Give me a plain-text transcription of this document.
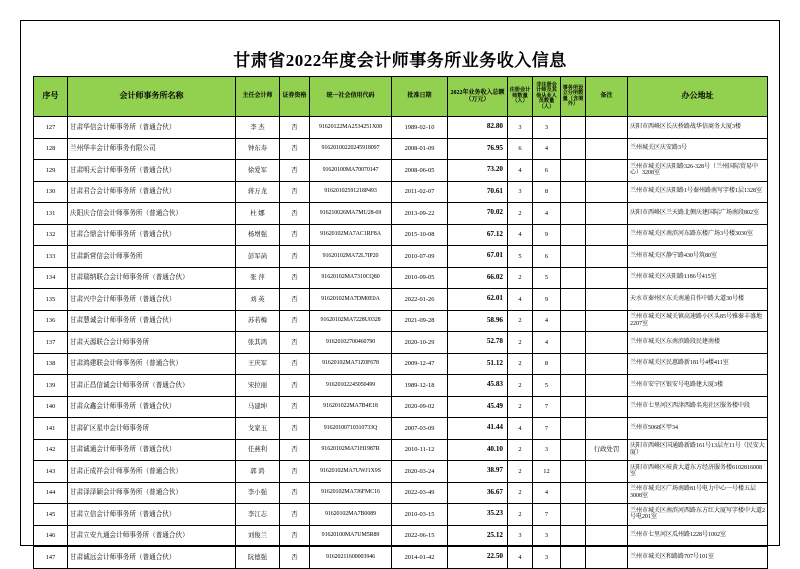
甘肃省2022年度会计师事务所业务收入信息
序号	会计师事务所名称	主任会计师	证券资格	统一社会信用代码	批准日期	2022年业务收入总额（万元）	注册会计师数量（人）	非注册会计师及其他从业人员数量（人）	事务所设立分所数量（含境外）	备注	办公地址
127	甘肃华信会计师事务所（普通合伙）	李 杰	否	91620122MA2534251X08	1989-02-10	82.80	3	3			庆阳市西峰区长庆桥路战华信商务大厦3楼
128	兰州华丰会计师事务有限公司	钟东寿	否	91620100220245918097	2008-01-09	76.95	6	4			兰州城关区庆安路3号
129	甘肃明天会计师事务所（普通合伙）	徐爱军	否	91620100MA70070147	2008-06-05	73.20	4	6			兰州市城关区庆阳路326-328号（兰州国际贸易中心）3208室
130	甘肃君合会计师事务所（普通合伙）	蒋万龙	否	91620102591218P493	2011-02-07	70.61	3	8			兰州市城关区庆阳路1号秦州路南写字楼1层1328室
131	庆阳庆合信会计师事务所（普通合伙）	杜 娜	否	916210026MA7MU28-69	2013-09-22	70.02	2	4			庆阳市西峰区兰天路北侧庆建国际广场南段802室
132	甘肃合鼎会计师事务所（普通合伙）	杨增强	否	91620102MA7AC1RF8A	2015-10-08	67.12	4	9			兰州市城关区南滨河东路东楼广场3号楼3030室
133	甘肃新营信会计师事务所	彭军菡	否	91620102MA72L7IP20	2010-07-09	67.01	5	6			兰州市城关区静宁路430号筑80室
134	甘肃瑞纳联合会计师事务所（普通合伙）	张 萍	否	91620102MA7310CQ80	2010-09-05	66.02	2	5			兰州市城关区庆阳路1186号415室
135	甘肃兴中会计师事务所（普通合伙）	刘 英	否	91620102MA7DM0E0A	2022-01-26	62.01	4	9			天水市秦州区东关南通自作中路大道30号楼
136	甘肃慧诚会计师事务所（普通合伙）	苏若梅	否	91620102MA7228U0328	2021-09-28	58.96	2	4			兰州市城关区城关镇高速路小区头85号雅秦丰盛地2207室
137	甘肃天源联合会计师事务所	张其鸿	否	91620102700460790	2020-10-29	52.78	2	4			兰州市城关区东南滨路段民建南楼
138	甘肃鸿建联会计师事务所（普通合伙）	王庆军	否	91620102MA71Z0F678	2009-12-47	51.12	2	8			兰州市城关区民惠路新181号4楼411室
139	甘肃正昌信诚会计师事务所（普通合伙）	宋拉丽	否	91620102245050499	1989-12-18	45.83	2	5			兰州市安宁区银安号电路建大厦3楼
140	甘肃众鑫会计师事务所（普通合伙）	马建坤	否	916201022MA7B4E18	2020-09-02	45.49	2	7			兰州市七里河区西津西路名苑社区服务楼中段
141	甘肃矿区星申会计师事务所	戈家玉	否	91620100710310733Q	2007-03-09	41.44	4	7			兰州市5068区甲34
142	甘肃诚通会计师事务所（普通合伙）	任燕利	否	91620102MA71H1987R	2010-11-12	40.10	2	3		行政处罚	庆阳市西峰区国通路新路161号13层左11号（民安大厦）
143	甘肃正成祥会计师事务所（普通合伙）	郭 鸿	否	91620102MA7UWJ1X9S	2020-03-24	38.97	2	12			庆阳市西峰区岐黄大道东方经济服务楼6102816008室
144	甘肃泽泽颖会计师事务所（普通合伙）	李小强	否	91620102MA7J6FMC16	2022-03-49	36.67	2	4			兰州市城关区广场南路81号电力中心一号楼五层3008室
145	甘肃立信会计师事务所（普通合伙）	李江志	否	91620102MA7B0089	2010-03-15	35.23	2	7			兰州市城关区南滨河西路东方红大厦写字楼中大道2号电201室
146	甘肃立安九通会计师事务所（普通合伙）	刘俊兰	否	91620100MA7UM5R89	2022-06-15	25.12	3	3			兰州市七里河区瓜州路1228号1002室
147	甘肃诚远会计师事务所（普通合伙）	阮德强	否	91620211600003946	2014-01-42	22.50	4	3			兰州市城关区和路路707号101室
